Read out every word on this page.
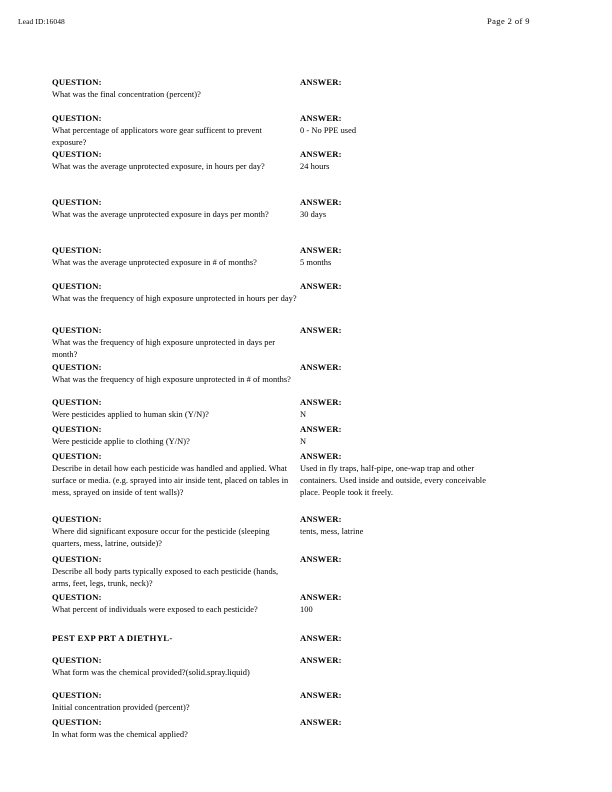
Lead ID:16048	Page 2 of 9
QUESTION:
What was the final concentration (percent)?
ANSWER:
QUESTION:
What percentage of applicators wore gear sufficent to prevent exposure?
ANSWER:
0 - No PPE used
QUESTION:
What was the average unprotected exposure, in hours per day?
ANSWER:
24 hours
QUESTION:
What was the average unprotected exposure in days per month?
ANSWER:
30 days
QUESTION:
What was the average unprotected exposure in # of months?
ANSWER:
5 months
QUESTION:
What was the frequency of high exposure unprotected in hours per day?
ANSWER:
QUESTION:
What was the frequency of high exposure unprotected in days per month?
ANSWER:
QUESTION:
What was the frequency of high exposure unprotected in # of months?
ANSWER:
QUESTION:
Were pesticides applied to human skin (Y/N)?
ANSWER:
N
QUESTION:
Were pesticide applie to clothing (Y/N)?
ANSWER:
N
QUESTION:
Describe in detail how each pesticide was handled and applied. What surface or media. (e.g. sprayed into air inside tent, placed on tables in mess, sprayed on inside of tent walls)?
ANSWER:
Used in fly traps, half-pipe, one-wap trap and other
containers. Used inside and outside, every conceivable
place. People took it freely.
QUESTION:
Where did significant exposure occur for the pesticide (sleeping quarters, mess, latrine, outside)?
ANSWER:
tents, mess, latrine
QUESTION:
Describe all body parts typically exposed to each pesticide (hands, arms, feet, legs, trunk, neck)?
ANSWER:
QUESTION:
What percent of individuals were exposed to each pesticide?
ANSWER:
100
PEST EXP PRT A DIETHYL-	ANSWER:
QUESTION:
What form was the chemical provided?(solid.spray.liquid)
ANSWER:
QUESTION:
Initial concentration provided (percent)?
ANSWER:
QUESTION:
In what form was the chemical applied?
ANSWER:
